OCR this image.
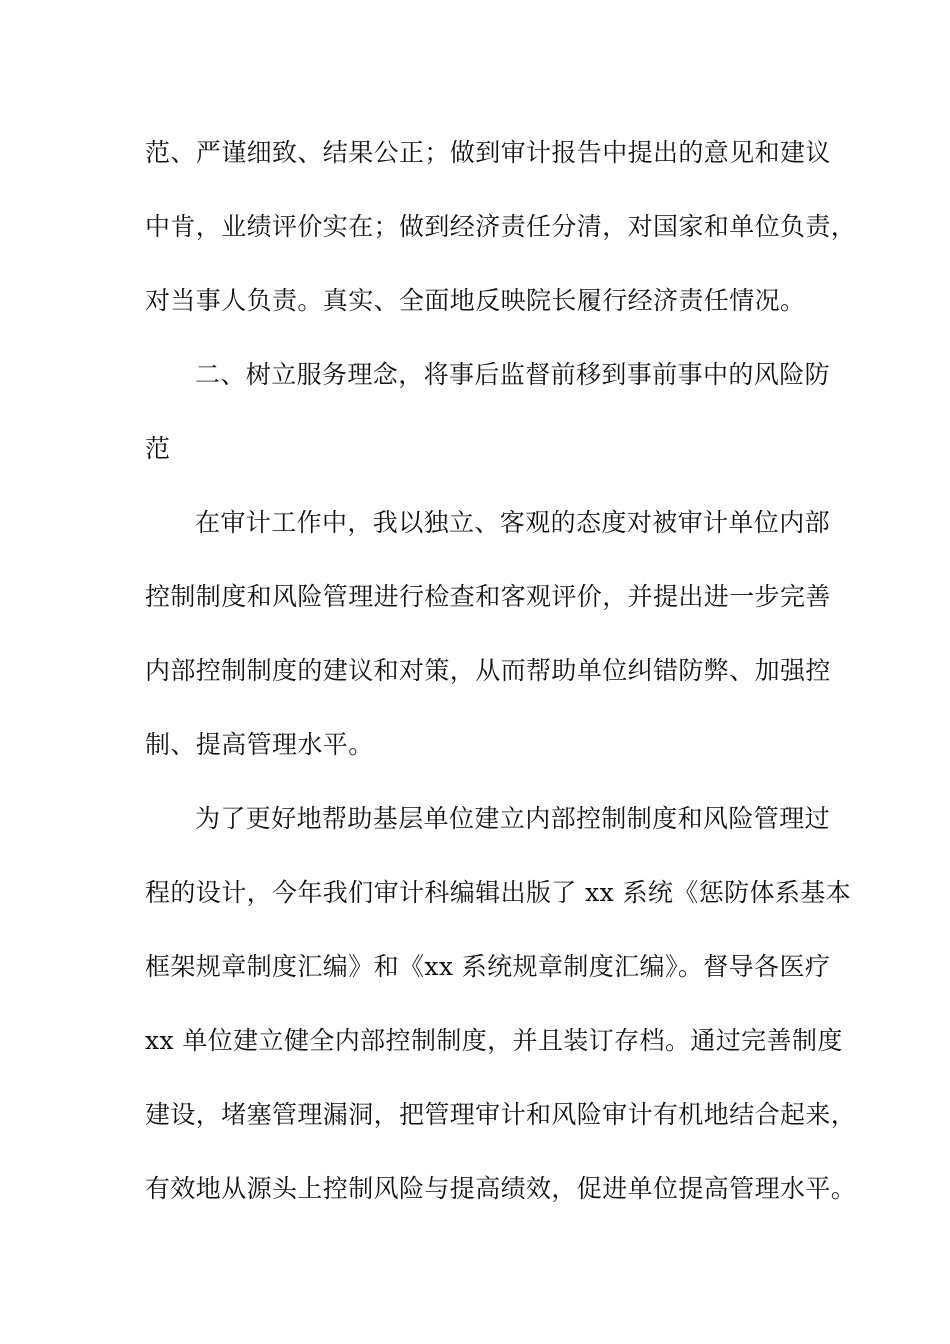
范、严谨细致、结果公正；做到审计报告中提出的意见和建议
中肯，业绩评价实在；做到经济责任分清，对国家和单位负责，
对当事人负责。真实、全面地反映院长履行经济责任情况。
二、树立服务理念，将事后监督前移到事前事中的风险防
范
在审计工作中，我以独立、客观的态度对被审计单位内部
控制制度和风险管理进行检查和客观评价，并提出进一步完善
内部控制制度的建议和对策，从而帮助单位纠错防弊、加强控
制、提高管理水平。
为了更好地帮助基层单位建立内部控制制度和风险管理过
程的设计，今年我们审计科编辑出版了 xx 系统《惩防体系基本
框架规章制度汇编》和《xx 系统规章制度汇编》。督导各医疗
xx 单位建立健全内部控制制度，并且装订存档。通过完善制度
建设，堵塞管理漏洞，把管理审计和风险审计有机地结合起来，
有效地从源头上控制风险与提高绩效，促进单位提高管理水平。
